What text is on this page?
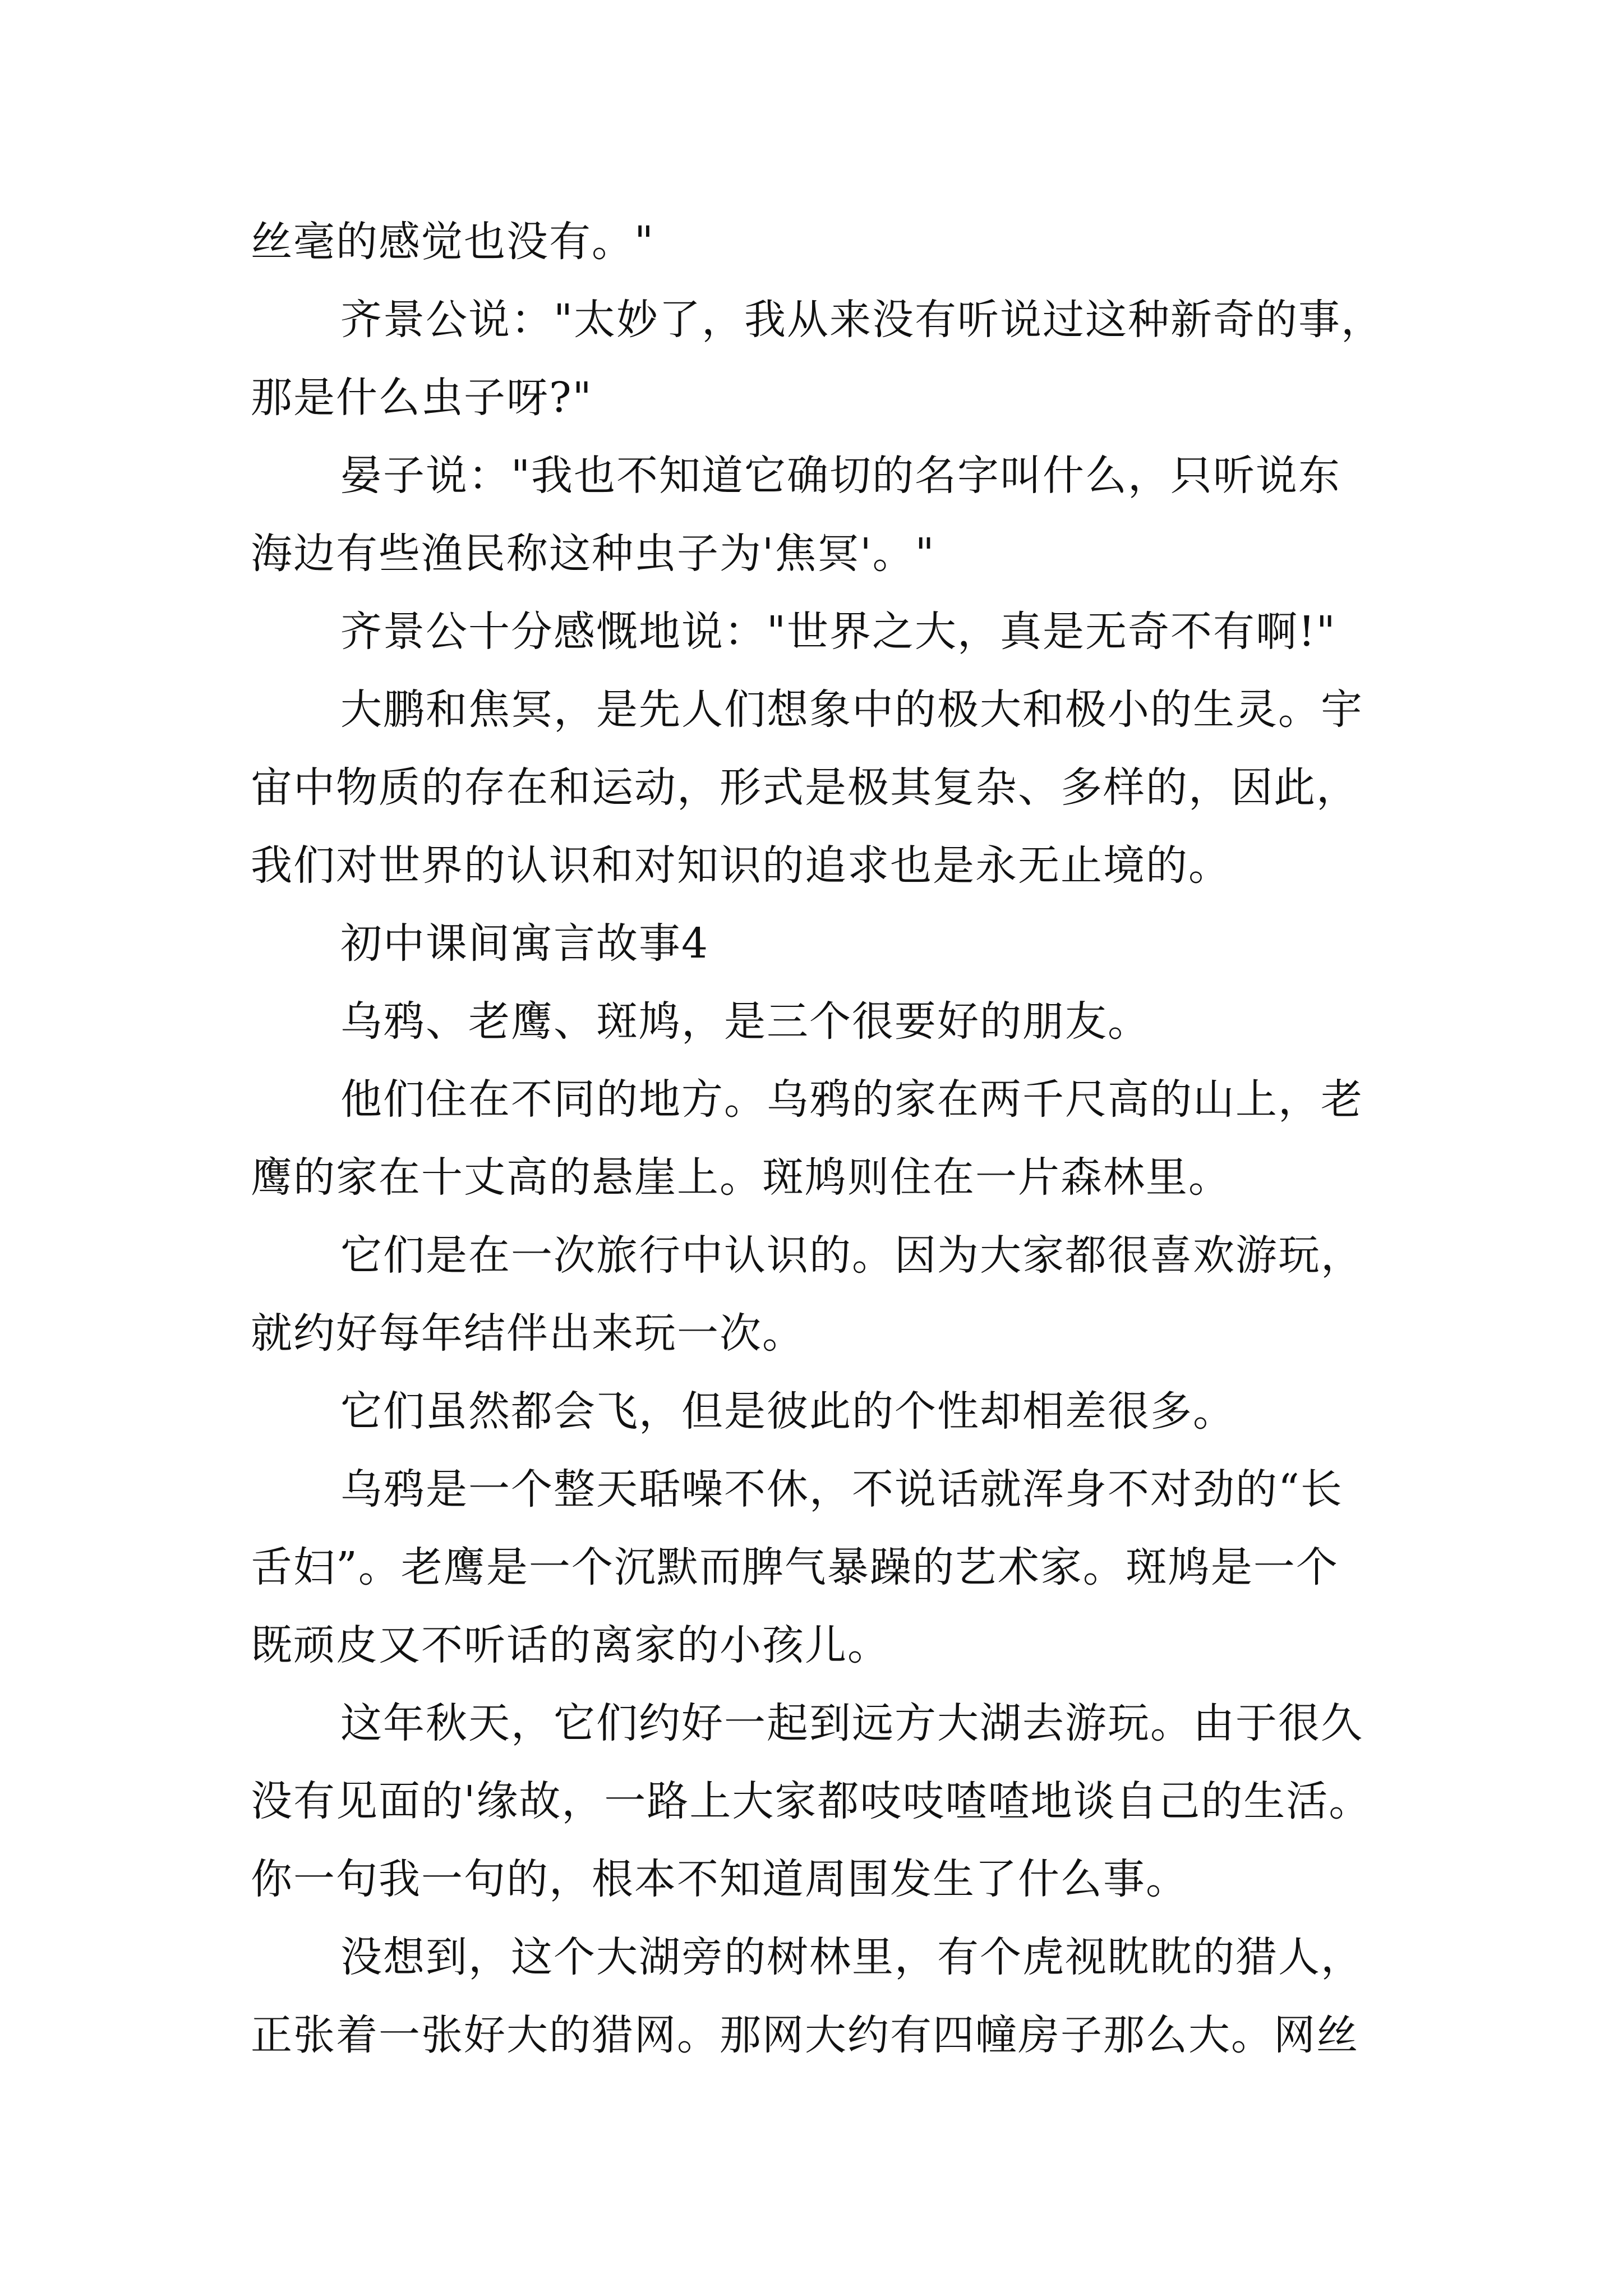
丝毫的感觉也没有。"
齐景公说："太妙了，我从来没有听说过这种新奇的事，
那是什么虫子呀?"
晏子说："我也不知道它确切的名字叫什么，只听说东
海边有些渔民称这种虫子为'焦冥'。"
齐景公十分感慨地说："世界之大，真是无奇不有啊!"
大鹏和焦冥，是先人们想象中的极大和极小的生灵。宇
宙中物质的存在和运动，形式是极其复杂、多样的，因此，
我们对世界的认识和对知识的追求也是永无止境的。
初中课间寓言故事4
乌鸦、老鹰、斑鸠，是三个很要好的朋友。
他们住在不同的地方。乌鸦的家在两千尺高的山上，老
鹰的家在十丈高的悬崖上。斑鸠则住在一片森林里。
它们是在一次旅行中认识的。因为大家都很喜欢游玩，
就约好每年结伴出来玩一次。
它们虽然都会飞，但是彼此的个性却相差很多。
乌鸦是一个整天聒噪不休，不说话就浑身不对劲的“长
舌妇”。老鹰是一个沉默而脾气暴躁的艺术家。斑鸠是一个
既顽皮又不听话的离家的小孩儿。
这年秋天，它们约好一起到远方大湖去游玩。由于很久
没有见面的'缘故，一路上大家都吱吱喳喳地谈自己的生活。
你一句我一句的，根本不知道周围发生了什么事。
没想到，这个大湖旁的树林里，有个虎视眈眈的猎人，
正张着一张好大的猎网。那网大约有四幢房子那么大。网丝
